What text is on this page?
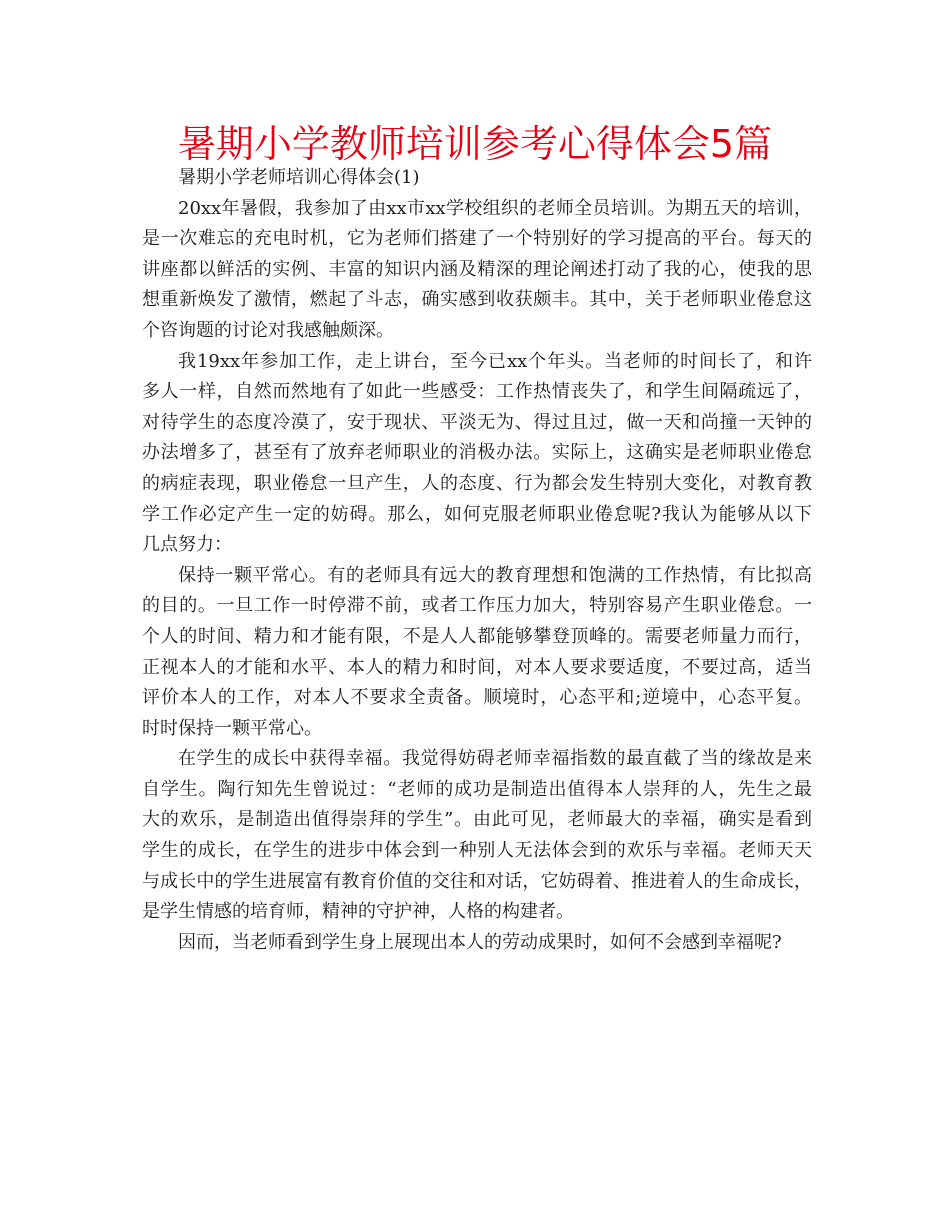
暑期小学教师培训参考心得体会5篇

暑期小学老师培训心得体会(1)

20xx年暑假，我参加了由xx市xx学校组织的老师全员培训。为期五天的培训，
是一次难忘的充电时机，它为老师们搭建了一个特别好的学习提高的平台。每天的
讲座都以鲜活的实例、丰富的知识内涵及精深的理论阐述打动了我的心，使我的思
想重新焕发了激情，燃起了斗志，确实感到收获颇丰。其中，关于老师职业倦怠这
个咨询题的讨论对我感触颇深。

我19xx年参加工作，走上讲台，至今已xx个年头。当老师的时间长了，和许
多人一样，自然而然地有了如此一些感受：工作热情丧失了，和学生间隔疏远了，
对待学生的态度冷漠了，安于现状、平淡无为、得过且过，做一天和尚撞一天钟的
办法增多了，甚至有了放弃老师职业的消极办法。实际上，这确实是老师职业倦怠
的病症表现，职业倦怠一旦产生，人的态度、行为都会发生特别大变化，对教育教
学工作必定产生一定的妨碍。那么，如何克服老师职业倦怠呢?我认为能够从以下
几点努力：

保持一颗平常心。有的老师具有远大的教育理想和饱满的工作热情，有比拟高
的目的。一旦工作一时停滞不前，或者工作压力加大，特别容易产生职业倦怠。一
个人的时间、精力和才能有限，不是人人都能够攀登顶峰的。需要老师量力而行，
正视本人的才能和水平、本人的精力和时间，对本人要求要适度，不要过高，适当
评价本人的工作，对本人不要求全责备。顺境时，心态平和;逆境中，心态平复。
时时保持一颗平常心。

在学生的成长中获得幸福。我觉得妨碍老师幸福指数的最直截了当的缘故是来
自学生。陶行知先生曾说过：“老师的成功是制造出值得本人崇拜的人，先生之最
大的欢乐，是制造出值得崇拜的学生”。由此可见，老师最大的幸福，确实是看到
学生的成长，在学生的进步中体会到一种别人无法体会到的欢乐与幸福。老师天天
与成长中的学生进展富有教育价值的交往和对话，它妨碍着、推进着人的生命成长，
是学生情感的培育师，精神的守护神，人格的构建者。

因而，当老师看到学生身上展现出本人的劳动成果时，如何不会感到幸福呢?
